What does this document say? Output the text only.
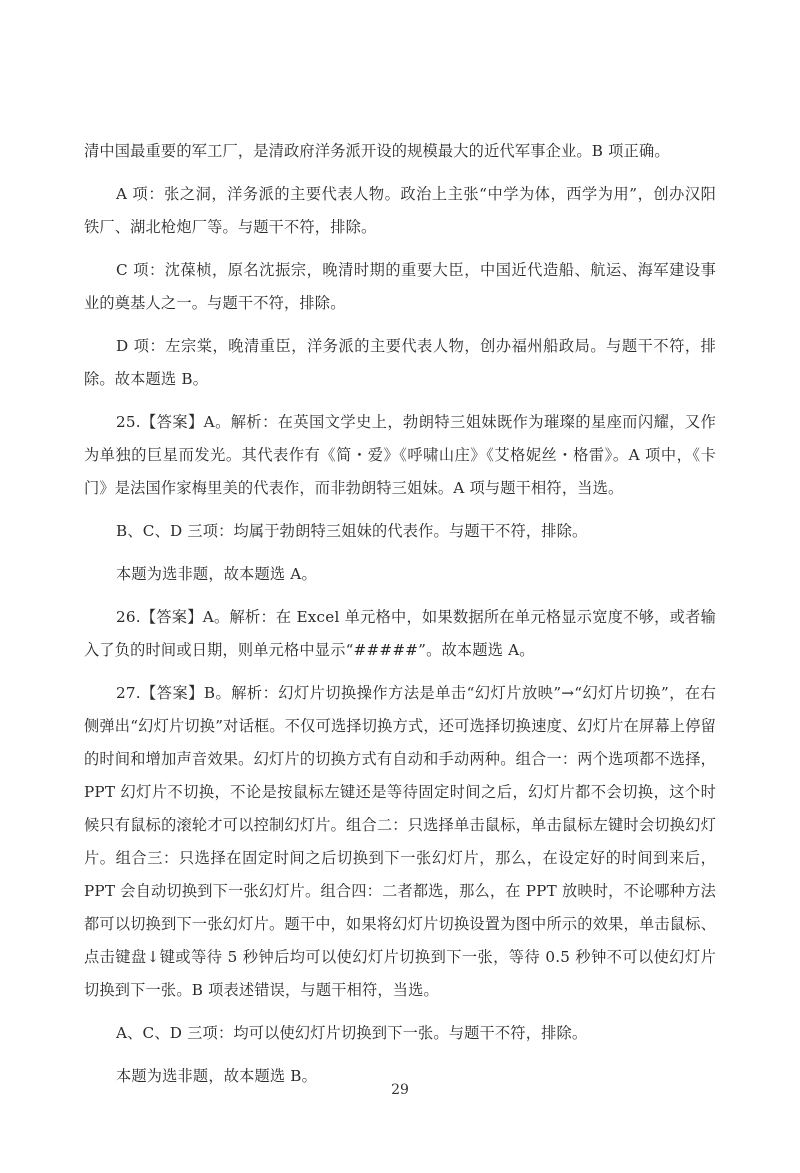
清中国最重要的军工厂，是清政府洋务派开设的规模最大的近代军事企业。B 项正确。

A 项：张之洞，洋务派的主要代表人物。政治上主张“中学为体，西学为用”，创办汉阳铁厂、湖北枪炮厂等。与题干不符，排除。

C 项：沈葆桢，原名沈振宗，晚清时期的重要大臣，中国近代造船、航运、海军建设事业的奠基人之一。与题干不符，排除。

D 项：左宗棠，晚清重臣，洋务派的主要代表人物，创办福州船政局。与题干不符，排除。故本题选 B。

25.【答案】A。解析：在英国文学史上，勃朗特三姐妹既作为璀璨的星座而闪耀，又作为单独的巨星而发光。其代表作有《简・爱》《呼啸山庄》《艾格妮丝・格雷》。A 项中，《卡门》是法国作家梅里美的代表作，而非勃朗特三姐妹。A 项与题干相符，当选。

B、C、D 三项：均属于勃朗特三姐妹的代表作。与题干不符，排除。

本题为选非题，故本题选 A。

26.【答案】A。解析：在 Excel 单元格中，如果数据所在单元格显示宽度不够，或者输入了负的时间或日期，则单元格中显示“#####”。故本题选 A。

27.【答案】B。解析：幻灯片切换操作方法是单击“幻灯片放映”→“幻灯片切换”，在右侧弹出“幻灯片切换”对话框。不仅可选择切换方式，还可选择切换速度、幻灯片在屏幕上停留的时间和增加声音效果。幻灯片的切换方式有自动和手动两种。组合一：两个选项都不选择，PPT 幻灯片不切换，不论是按鼠标左键还是等待固定时间之后，幻灯片都不会切换，这个时候只有鼠标的滚轮才可以控制幻灯片。组合二：只选择单击鼠标，单击鼠标左键时会切换幻灯片。组合三：只选择在固定时间之后切换到下一张幻灯片，那么，在设定好的时间到来后，PPT 会自动切换到下一张幻灯片。组合四：二者都选，那么，在 PPT 放映时，不论哪种方法都可以切换到下一张幻灯片。题干中，如果将幻灯片切换设置为图中所示的效果，单击鼠标、点击键盘↓键或等待 5 秒钟后均可以使幻灯片切换到下一张，等待 0.5 秒钟不可以使幻灯片切换到下一张。B 项表述错误，与题干相符，当选。

A、C、D 三项：均可以使幻灯片切换到下一张。与题干不符，排除。

本题为选非题，故本题选 B。

29
